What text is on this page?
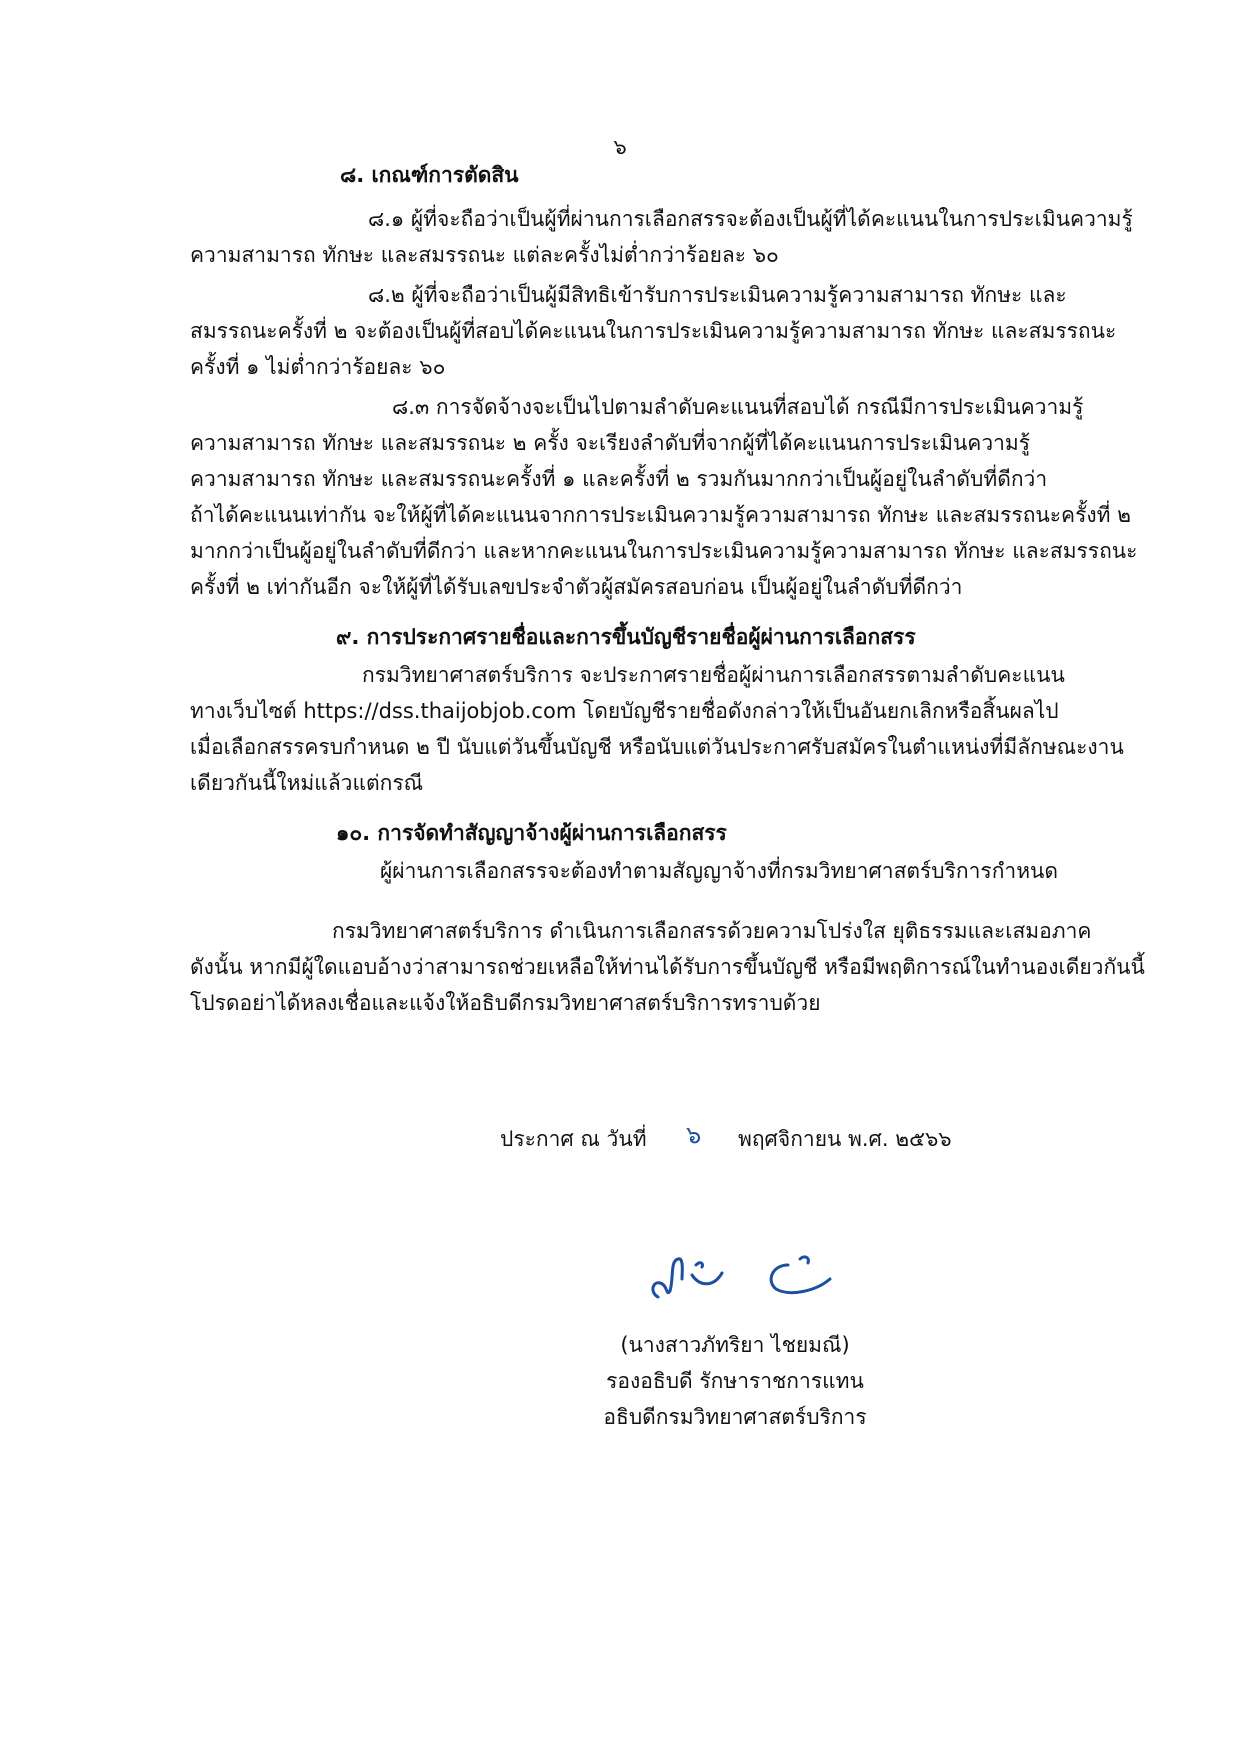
๖
๘. เกณฑ์การตัดสิน
๘.๑ ผู้ที่จะถือว่าเป็นผู้ที่ผ่านการเลือกสรรจะต้องเป็นผู้ที่ได้คะแนนในการประเมินความรู้
ความสามารถ ทักษะ และสมรรถนะ แต่ละครั้งไม่ต่ำกว่าร้อยละ ๖๐
๘.๒ ผู้ที่จะถือว่าเป็นผู้มีสิทธิเข้ารับการประเมินความรู้ความสามารถ ทักษะ และ
สมรรถนะครั้งที่ ๒ จะต้องเป็นผู้ที่สอบได้คะแนนในการประเมินความรู้ความสามารถ ทักษะ และสมรรถนะ
ครั้งที่ ๑ ไม่ต่ำกว่าร้อยละ ๖๐
๘.๓ การจัดจ้างจะเป็นไปตามลำดับคะแนนที่สอบได้ กรณีมีการประเมินความรู้
ความสามารถ ทักษะ และสมรรถนะ ๒ ครั้ง จะเรียงลำดับที่จากผู้ที่ได้คะแนนการประเมินความรู้
ความสามารถ ทักษะ และสมรรถนะครั้งที่ ๑ และครั้งที่ ๒ รวมกันมากกว่าเป็นผู้อยู่ในลำดับที่ดีกว่า
ถ้าได้คะแนนเท่ากัน จะให้ผู้ที่ได้คะแนนจากการประเมินความรู้ความสามารถ ทักษะ และสมรรถนะครั้งที่ ๒
มากกว่าเป็นผู้อยู่ในลำดับที่ดีกว่า และหากคะแนนในการประเมินความรู้ความสามารถ ทักษะ และสมรรถนะ
ครั้งที่ ๒ เท่ากันอีก จะให้ผู้ที่ได้รับเลขประจำตัวผู้สมัครสอบก่อน เป็นผู้อยู่ในลำดับที่ดีกว่า
๙. การประกาศรายชื่อและการขึ้นบัญชีรายชื่อผู้ผ่านการเลือกสรร
กรมวิทยาศาสตร์บริการ จะประกาศรายชื่อผู้ผ่านการเลือกสรรตามลำดับคะแนน
ทางเว็บไซต์ https://dss.thaijobjob.com โดยบัญชีรายชื่อดังกล่าวให้เป็นอันยกเลิกหรือสิ้นผลไป
เมื่อเลือกสรรครบกำหนด ๒ ปี นับแต่วันขึ้นบัญชี หรือนับแต่วันประกาศรับสมัครในตำแหน่งที่มีลักษณะงาน
เดียวกันนี้ใหม่แล้วแต่กรณี
๑๐. การจัดทำสัญญาจ้างผู้ผ่านการเลือกสรร
ผู้ผ่านการเลือกสรรจะต้องทำตามสัญญาจ้างที่กรมวิทยาศาสตร์บริการกำหนด
กรมวิทยาศาสตร์บริการ ดำเนินการเลือกสรรด้วยความโปร่งใส ยุติธรรมและเสมอภาค
ดังนั้น หากมีผู้ใดแอบอ้างว่าสามารถช่วยเหลือให้ท่านได้รับการขึ้นบัญชี หรือมีพฤติการณ์ในทำนองเดียวกันนี้
โปรดอย่าได้หลงเชื่อและแจ้งให้อธิบดีกรมวิทยาศาสตร์บริการทราบด้วย
ประกาศ ณ วันที่ ๖ พฤศจิกายน พ.ศ. ๒๕๖๖
(นางสาวภัทริยา ไชยมณี)
รองอธิบดี รักษาราชการแทน
อธิบดีกรมวิทยาศาสตร์บริการ
